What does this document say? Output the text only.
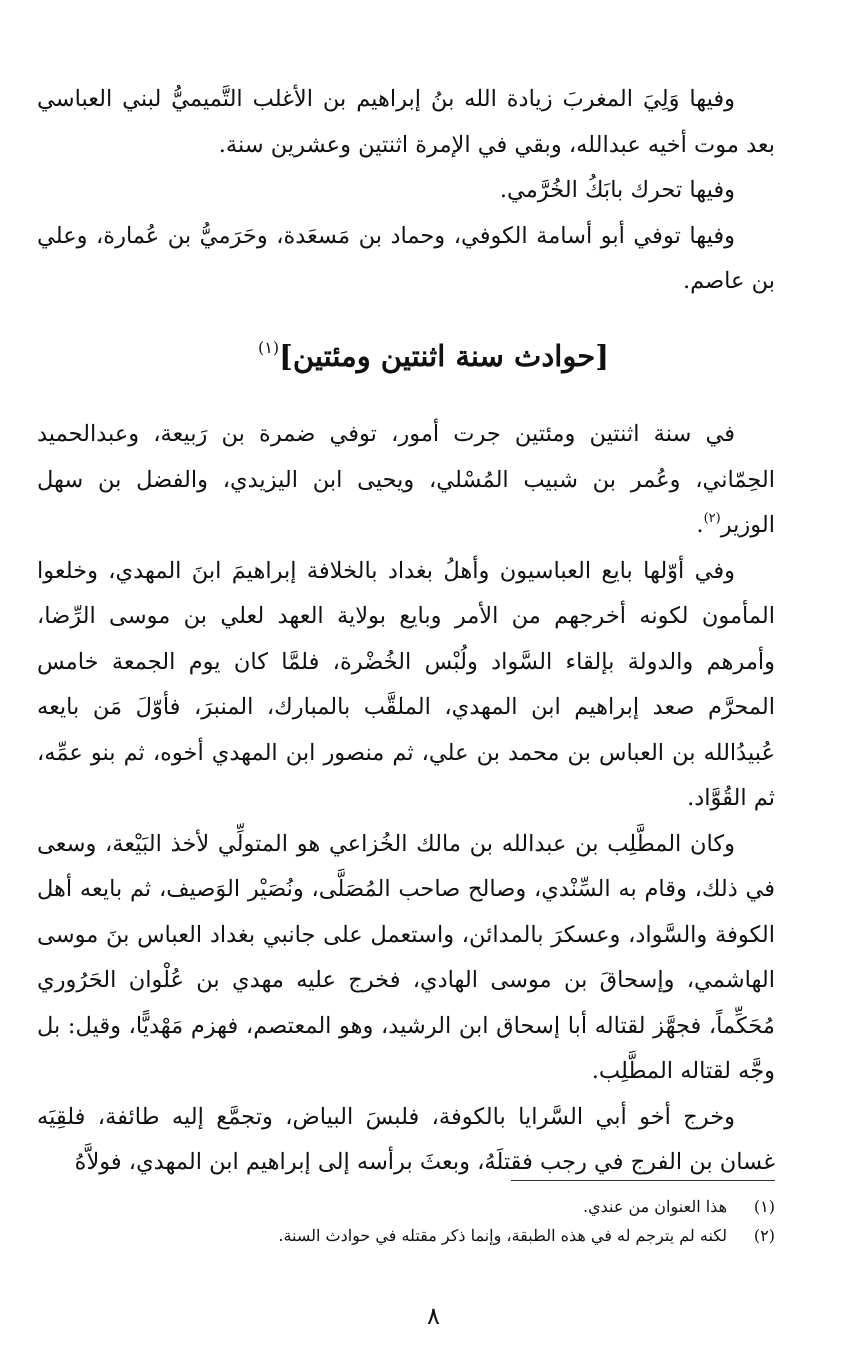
وفيها وَلِيَ المغربَ زيادة الله بنُ إبراهيم بن الأغلب التَّميميُّ لبني العباسي بعد موت أخيه عبدالله، وبقي في الإمرة اثنتين وعشرين سنة.

وفيها تحرك بابَكُ الخُرَّمي.

وفيها توفي أبو أسامة الكوفي، وحماد بن مَسعَدة، وحَرَميُّ بن عُمارة، وعلي بن عاصم.

[حوادث سنة اثنتين ومئتين]$^{(١)}$

في سنة اثنتين ومئتين جرت أمور، توفي ضمرة بن رَبيعة، وعبدالحميد الحِمّاني، وعُمر بن شبيب المُسْلي، ويحيى ابن اليزيدي، والفضل بن سهل الوزير$^{(٢)}$.

وفي أوّلها بايع العباسيون وأهلُ بغداد بالخلافة إبراهيمَ ابنَ المهدي، وخلعوا المأمون لكونه أخرجهم من الأمر وبايع بولاية العهد لعلي بن موسى الرِّضا، وأمرهم والدولة بإلقاء السَّواد ولُبْس الخُضْرة، فلمَّا كان يوم الجمعة خامس المحرَّم صعد إبراهيم ابن المهدي، الملقَّب بالمبارك، المنبرَ، فأوّلَ مَن بايعه عُبيدُالله بن العباس بن محمد بن علي، ثم منصور ابن المهدي أخوه، ثم بنو عمِّه، ثم القُوَّاد.

وكان المطَّلِب بن عبدالله بن مالك الخُزاعي هو المتولِّي لأخذ البَيْعة، وسعى في ذلك، وقام به السِّنْدي، وصالح صاحب المُصَلَّى، ونُصَيْر الوَصيف، ثم بايعه أهل الكوفة والسَّواد، وعسكرَ بالمدائن، واستعمل على جانبي بغداد العباس بنَ موسى الهاشمي، وإسحاقَ بن موسى الهادي، فخرج عليه مهدي بن عُلْوان الحَرُوري مُحَكِّماً، فجهَّز لقتاله أبا إسحاق ابن الرشيد، وهو المعتصم، فهزم مَهْديًّا، وقيل: بل وجَّه لقتاله المطَّلِب.

وخرج أخو أبي السَّرايا بالكوفة، فلبسَ البياض، وتجمَّع إليه طائفة، فلقِيَه غسان بن الفرج في رجب فقتلَهُ، وبعثَ برأسه إلى إبراهيم ابن المهدي، فولاَّهُ

(١)
هذا العنوان من عندي.
(٢)
لكنه لم يترجم له في هذه الطبقة، وإنما ذكر مقتله في حوادث السنة.
٨
